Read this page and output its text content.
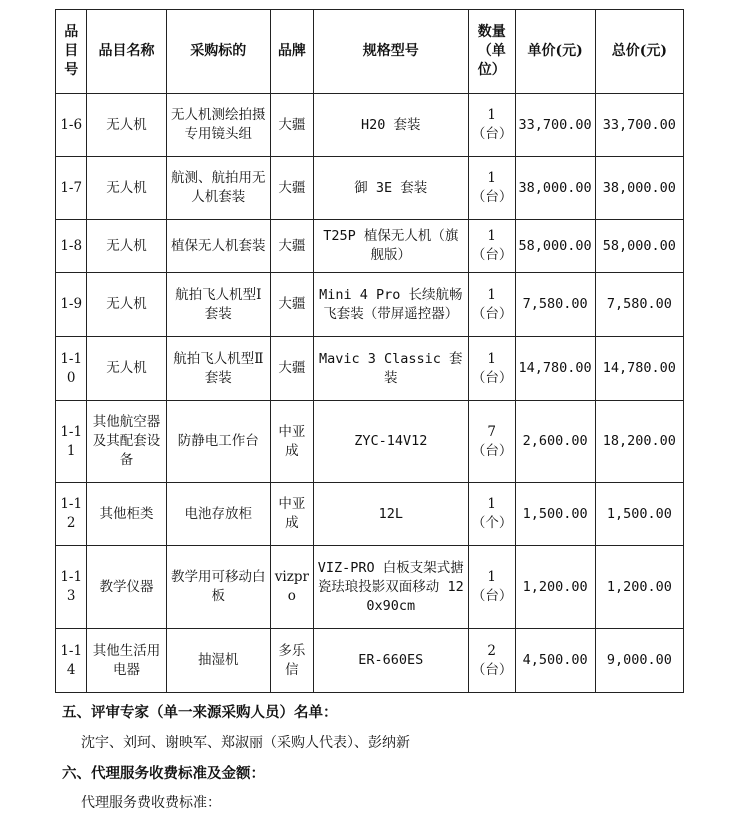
品目号	品目名称	采购标的	品牌	规格型号	数量（单位）	单价(元)	总价(元)
1-6	无人机	无人机测绘拍摄专用镜头组	大疆	H20 套装	1（台）	33,700.00	33,700.00
1-7	无人机	航测、航拍用无人机套装	大疆	御 3E 套装	1（台）	38,000.00	38,000.00
1-8	无人机	植保无人机套装	大疆	T25P 植保无人机（旗舰版）	1（台）	58,000.00	58,000.00
1-9	无人机	航拍飞人机型Ⅰ套装	大疆	Mini 4 Pro 长续航畅飞套装（带屏遥控器）	1（台）	7,580.00	7,580.00
1-10	无人机	航拍飞人机型Ⅱ套装	大疆	Mavic 3 Classic 套装	1（台）	14,780.00	14,780.00
1-11	其他航空器及其配套设备	防静电工作台	中亚成	ZYC-14V12	7（台）	2,600.00	18,200.00
1-12	其他柜类	电池存放柜	中亚成	12L	1（个）	1,500.00	1,500.00
1-13	教学仪器	教学用可移动白板	vizpro	VIZ-PRO 白板支架式搪瓷珐琅投影双面移动 120x90cm	1（台）	1,200.00	1,200.00
1-14	其他生活用电器	抽湿机	多乐信	ER-660ES	2（台）	4,500.00	9,000.00
五、评审专家（单一来源采购人员）名单：
沈宇、刘珂、谢映军、郑淑丽（采购人代表）、彭纳新
六、代理服务收费标准及金额：
代理服务费收费标准：
